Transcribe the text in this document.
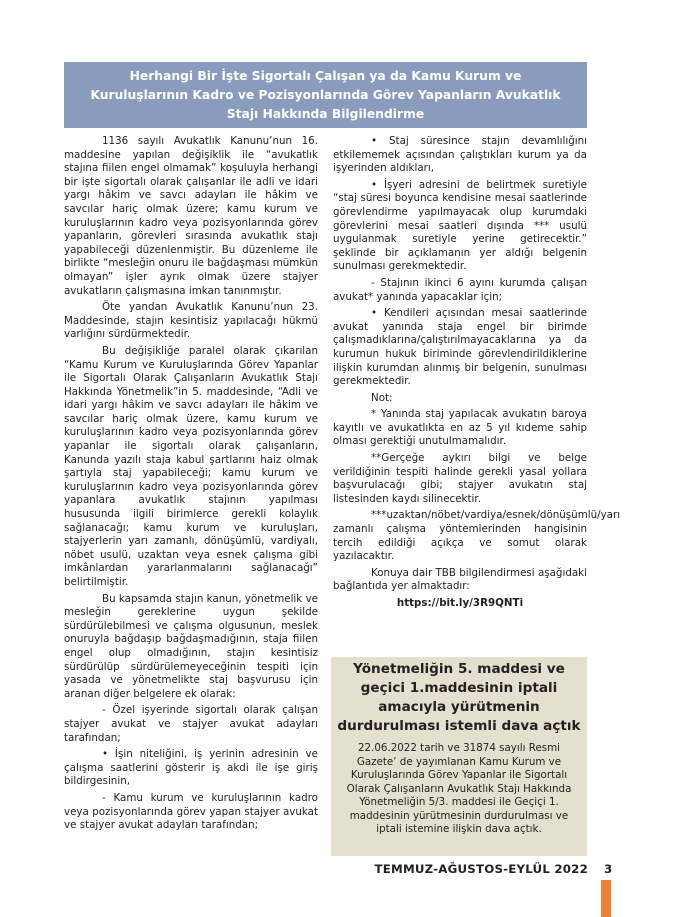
Herhangi Bir İşte Sigortalı Çalışan ya da Kamu Kurum ve
Kuruluşlarının Kadro ve Pozisyonlarında Görev Yapanların Avukatlık
Stajı Hakkında Bilgilendirme

1136 sayılı Avukatlık Kanunu’nun 16. maddesine yapılan değişiklik ile “avukatlık stajına fiilen engel olmamak” koşuluyla herhangi bir işte sigortalı olarak çalışanlar ile adli ve idari yargı hâkim ve savcı adayları ile hâkim ve savcılar hariç olmak üzere; kamu kurum ve kuruluşlarının kadro veya pozisyonlarında görev yapanların, görevleri sırasında avukatlık stajı yapabileceği düzenlenmiştir. Bu düzenleme ile birlikte “mesleğin onuru ile bağdaşması mümkün olmayan” işler ayrık olmak üzere stajyer avukatların çalışmasına imkan tanınmıştır.

Öte yandan Avukatlık Kanunu’nun 23. Maddesinde, stajın kesintisiz yapılacağı hükmü varlığını sürdürmektedir.

Bu değişikliğe paralel olarak çıkarılan “Kamu Kurum ve Kuruluşlarında Görev Yapanlar ile Sigortalı Olarak Çalışanların Avukatlık Stajı Hakkında Yönetmelik”in 5. maddesinde, “Adli ve idari yargı hâkim ve savcı adayları ile hâkim ve savcılar hariç olmak üzere, kamu kurum ve kuruluşlarının kadro veya pozisyonlarında görev yapanlar ile sigortalı olarak çalışanların, Kanunda yazılı staja kabul şartlarını haiz olmak şartıyla staj yapabileceği; kamu kurum ve kuruluşlarının kadro veya pozisyonlarında görev yapanlara avukatlık stajının yapılması hususunda ilgili birimlerce gerekli kolaylık sağlanacağı; kamu kurum ve kuruluşları, stajyerlerin yarı zamanlı, dönüşümlü, vardiyalı, nöbet usulü, uzaktan veya esnek çalışma gibi imkânlardan yararlanmalarını sağlanacağı” belirtilmiştir.

Bu kapsamda stajın kanun, yönetmelik ve mesleğin gereklerine uygun şekilde sürdürülebilmesi ve çalışma olgusunun, meslek onuruyla bağdaşıp bağdaşmadığının, staja fiilen engel olup olmadığının, stajın kesintisiz sürdürülüp sürdürülemeyeceğinin tespiti için yasada ve yönetmelikte staj başvurusu için aranan diğer belgelere ek olarak:

- Özel işyerinde sigortalı olarak çalışan stajyer avukat ve stajyer avukat adayları tarafından;

• İşin niteliğini, iş yerinin adresinin ve çalışma saatlerini gösterir iş akdi ile işe giriş bildirgesinin,

- Kamu kurum ve kuruluşlarının kadro veya pozisyonlarında görev yapan stajyer avukat ve stajyer avukat adayları tarafından;

• Staj süresince stajın devamlılığını etkilememek açısından çalıştıkları kurum ya da işyerinden aldıkları,

• İşyeri adresini de belirtmek suretiyle “staj süresi boyunca kendisine mesai saatlerinde görevlendirme yapılmayacak olup kurumdaki görevlerini mesai saatleri dışında *** usulü uygulanmak suretiyle yerine getirecektir.” şeklinde bir açıklamanın yer aldığı belgenin sunulması gerekmektedir.

- Stajının ikinci 6 ayını kurumda çalışan avukat* yanında yapacaklar için;

• Kendileri açısından mesai saatlerinde avukat yanında staja engel bir birimde çalışmadıklarına/çalıştırılmayacaklarına ya da kurumun hukuk biriminde görevlendirildiklerine ilişkin kurumdan alınmış bir belgenin, sunulması gerekmektedir.

Not:

* Yanında staj yapılacak avukatın baroya kayıtlı ve avukatlıkta en az 5 yıl kıdeme sahip olması gerektiği unutulmamalıdır.

**Gerçeğe aykırı bilgi ve belge verildiğinin tespiti halinde gerekli yasal yollara başvurulacağı gibi; stajyer avukatın staj listesinden kaydı silinecektir.

***uzaktan/nöbet/vardiya/esnek/dönüşümlü/yarı zamanlı çalışma yöntemlerinden hangisinin tercih edildiği açıkça ve somut olarak yazılacaktır.

Konuya dair TBB bilgilendirmesi aşağıdaki bağlantıda yer almaktadır:

https://bit.ly/3R9QNTi

Yönetmeliğin 5. maddesi ve geçici 1.maddesinin iptali amacıyla yürütmenin durdurulması istemli dava açtık
22.06.2022 tarih ve 31874 sayılı Resmi Gazete’ de yayımlanan Kamu Kurum ve Kuruluşlarında Görev Yapanlar ile Sigortalı Olarak Çalışanların Avukatlık Stajı Hakkında Yönetmeliğin 5/3. maddesi ile Geçiçi 1. maddesinin yürütmesinin durdurulması ve iptali istemine ilişkin dava açtık.
TEMMUZ-AĞUSTOS-EYLÜL 2022 3
